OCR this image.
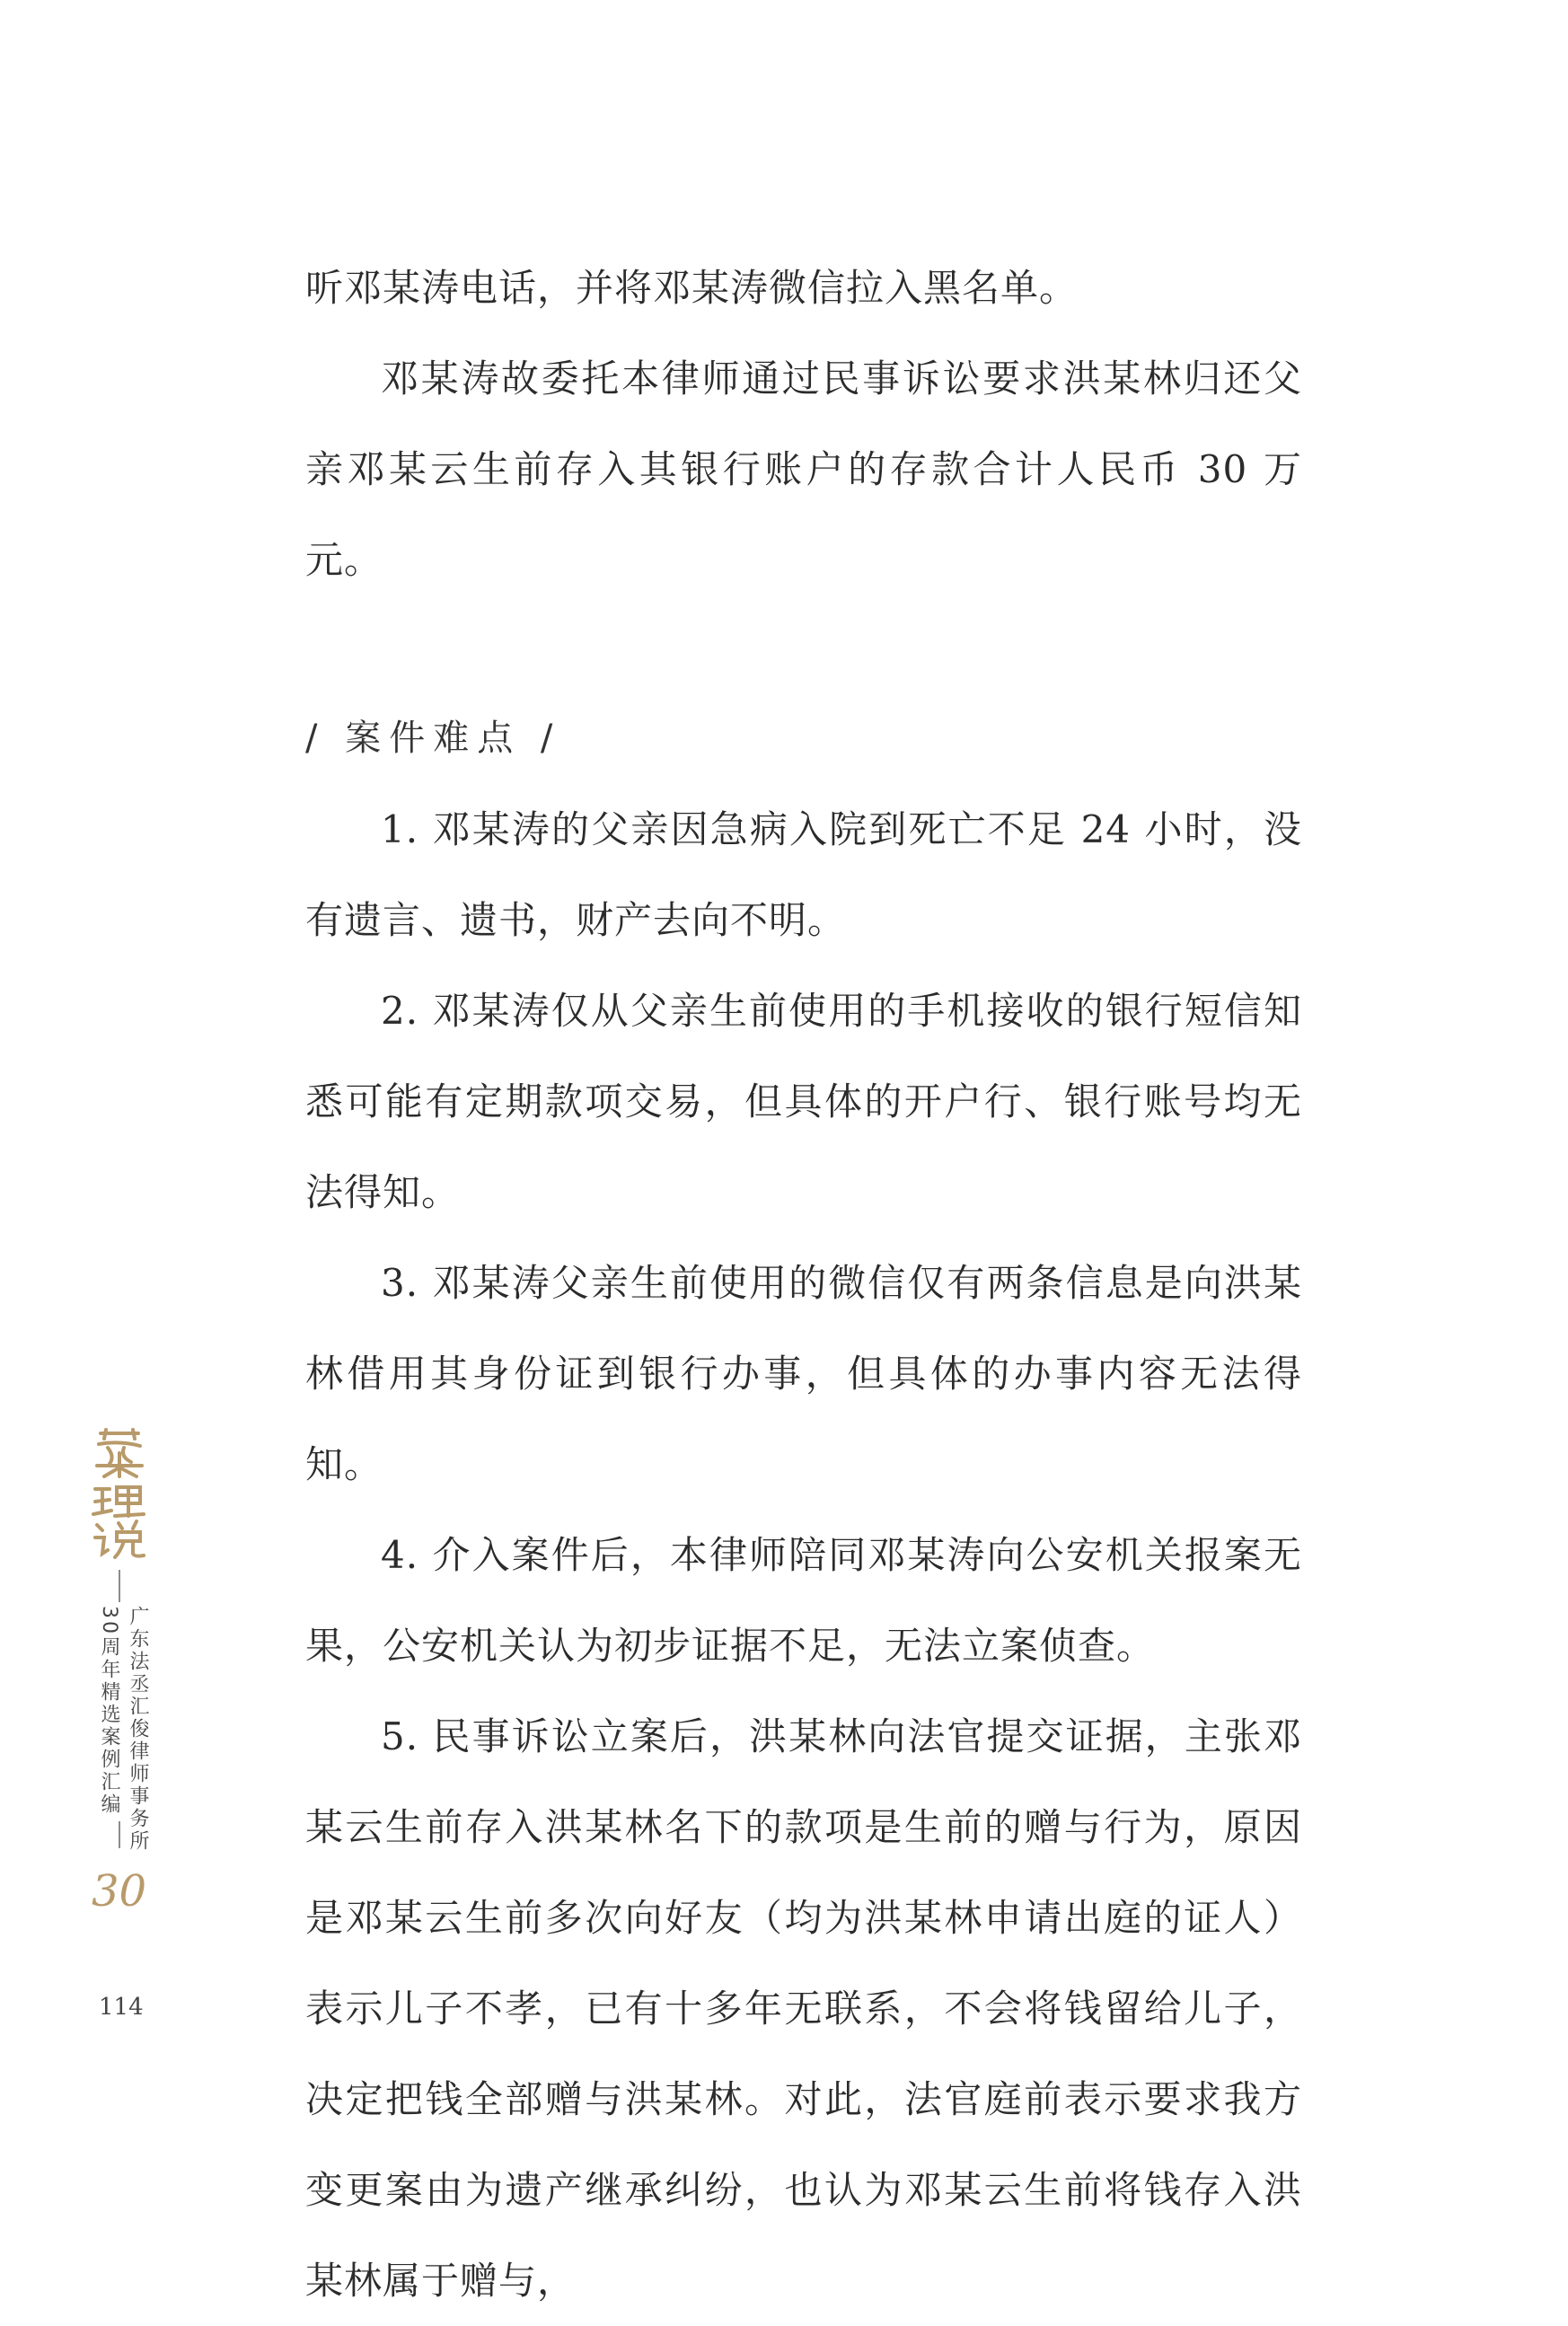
听邓某涛电话，并将邓某涛微信拉入黑名单。

邓某涛故委托本律师通过民事诉讼要求洪某林归还父亲邓某云生前存入其银行账户的存款合计人民币 30 万元。

/ 案件难点 /

1. 邓某涛的父亲因急病入院到死亡不足 24 小时，没有遗言、遗书，财产去向不明。

2. 邓某涛仅从父亲生前使用的手机接收的银行短信知悉可能有定期款项交易，但具体的开户行、银行账号均无法得知。

3. 邓某涛父亲生前使用的微信仅有两条信息是向洪某林借用其身份证到银行办事，但具体的办事内容无法得知。

4. 介入案件后，本律师陪同邓某涛向公安机关报案无果，公安机关认为初步证据不足，无法立案侦查。

5. 民事诉讼立案后，洪某林向法官提交证据，主张邓某云生前存入洪某林名下的款项是生前的赠与行为，原因是邓某云生前多次向好友（均为洪某林申请出庭的证人）表示儿子不孝，已有十多年无联系，不会将钱留给儿子，决定把钱全部赠与洪某林。对此，法官庭前表示要求我方变更案由为遗产继承纠纷，也认为邓某云生前将钱存入洪某林属于赠与，

广东法丞汇俊律师事务所
30周年精选案例汇编
30
114
